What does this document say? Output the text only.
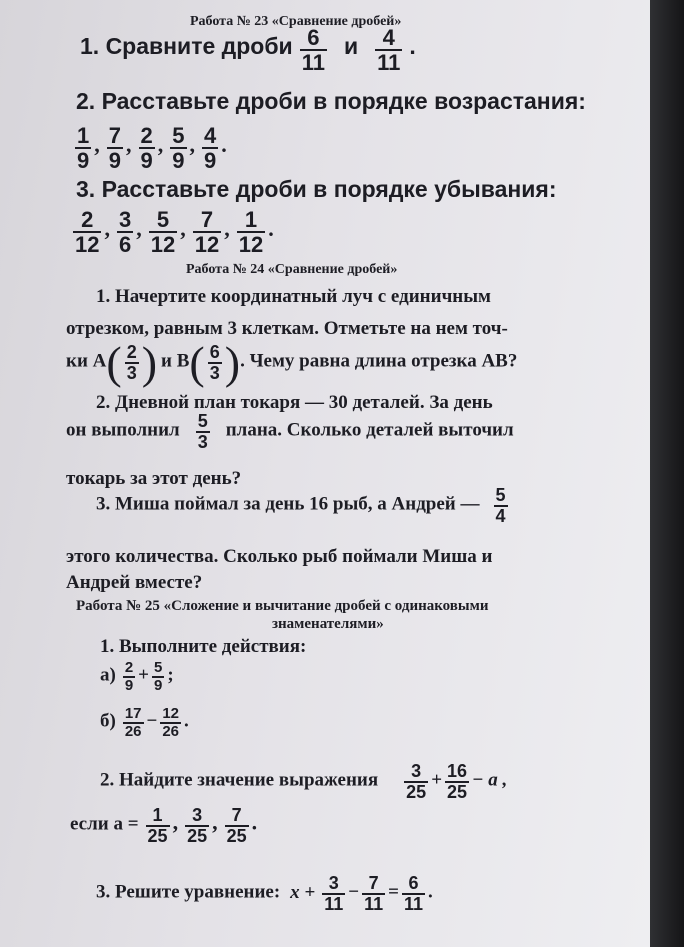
Работа № 23 «Сравнение дробей»
1. Сравните дроби $\frac{6}{11}$ и $\frac{4}{11}$ .
2. Расставьте дроби в порядке возрастания:
$\frac{1}{9}$ , $\frac{7}{9}$ , $\frac{2}{9}$ , $\frac{5}{9}$ , $\frac{4}{9}$ .
3. Расставьте дроби в порядке убывания:
$\frac{2}{12}$ , $\frac{3}{6}$ , $\frac{5}{12}$ , $\frac{7}{12}$ , $\frac{1}{12}$ .
Работа № 24 «Сравнение дробей»
1. Начертите координатный луч с единичным
отрезком, равным 3 клеткам. Отметьте на нем точ-
ки $A( \frac{2}{3}$ ) и $B( \frac{6}{3}$ ). Чему равна длина отрезка AB?
2. Дневной план токаря — 30 деталей. За день
он выполнил $\frac{5}{3}$ плана. Сколько деталей выточил
токарь за этот день?
3. Миша поймал за день 16 рыб, а Андрей — $\frac{5}{4}$
этого количества. Сколько рыб поймали Миша и
Андрей вместе?
Работа № 25 «Сложение и вычитание дробей с одинаковыми
знаменателями»
1. Выполните действия:
$а) \frac{2}{9} + \frac{5}{9}$ ;
$б) \frac{17}{26} - \frac{12}{26}$ .
2. Найдите значение выражения $\frac{3}{25} + \frac{16}{25} - a$ ,
если $a = \frac{1}{25}$ , $\frac{3}{25}$ , $\frac{7}{25}$ .
3. Решите уравнение: $x + \frac{3}{11} - \frac{7}{11} = \frac{6}{11}$ .
